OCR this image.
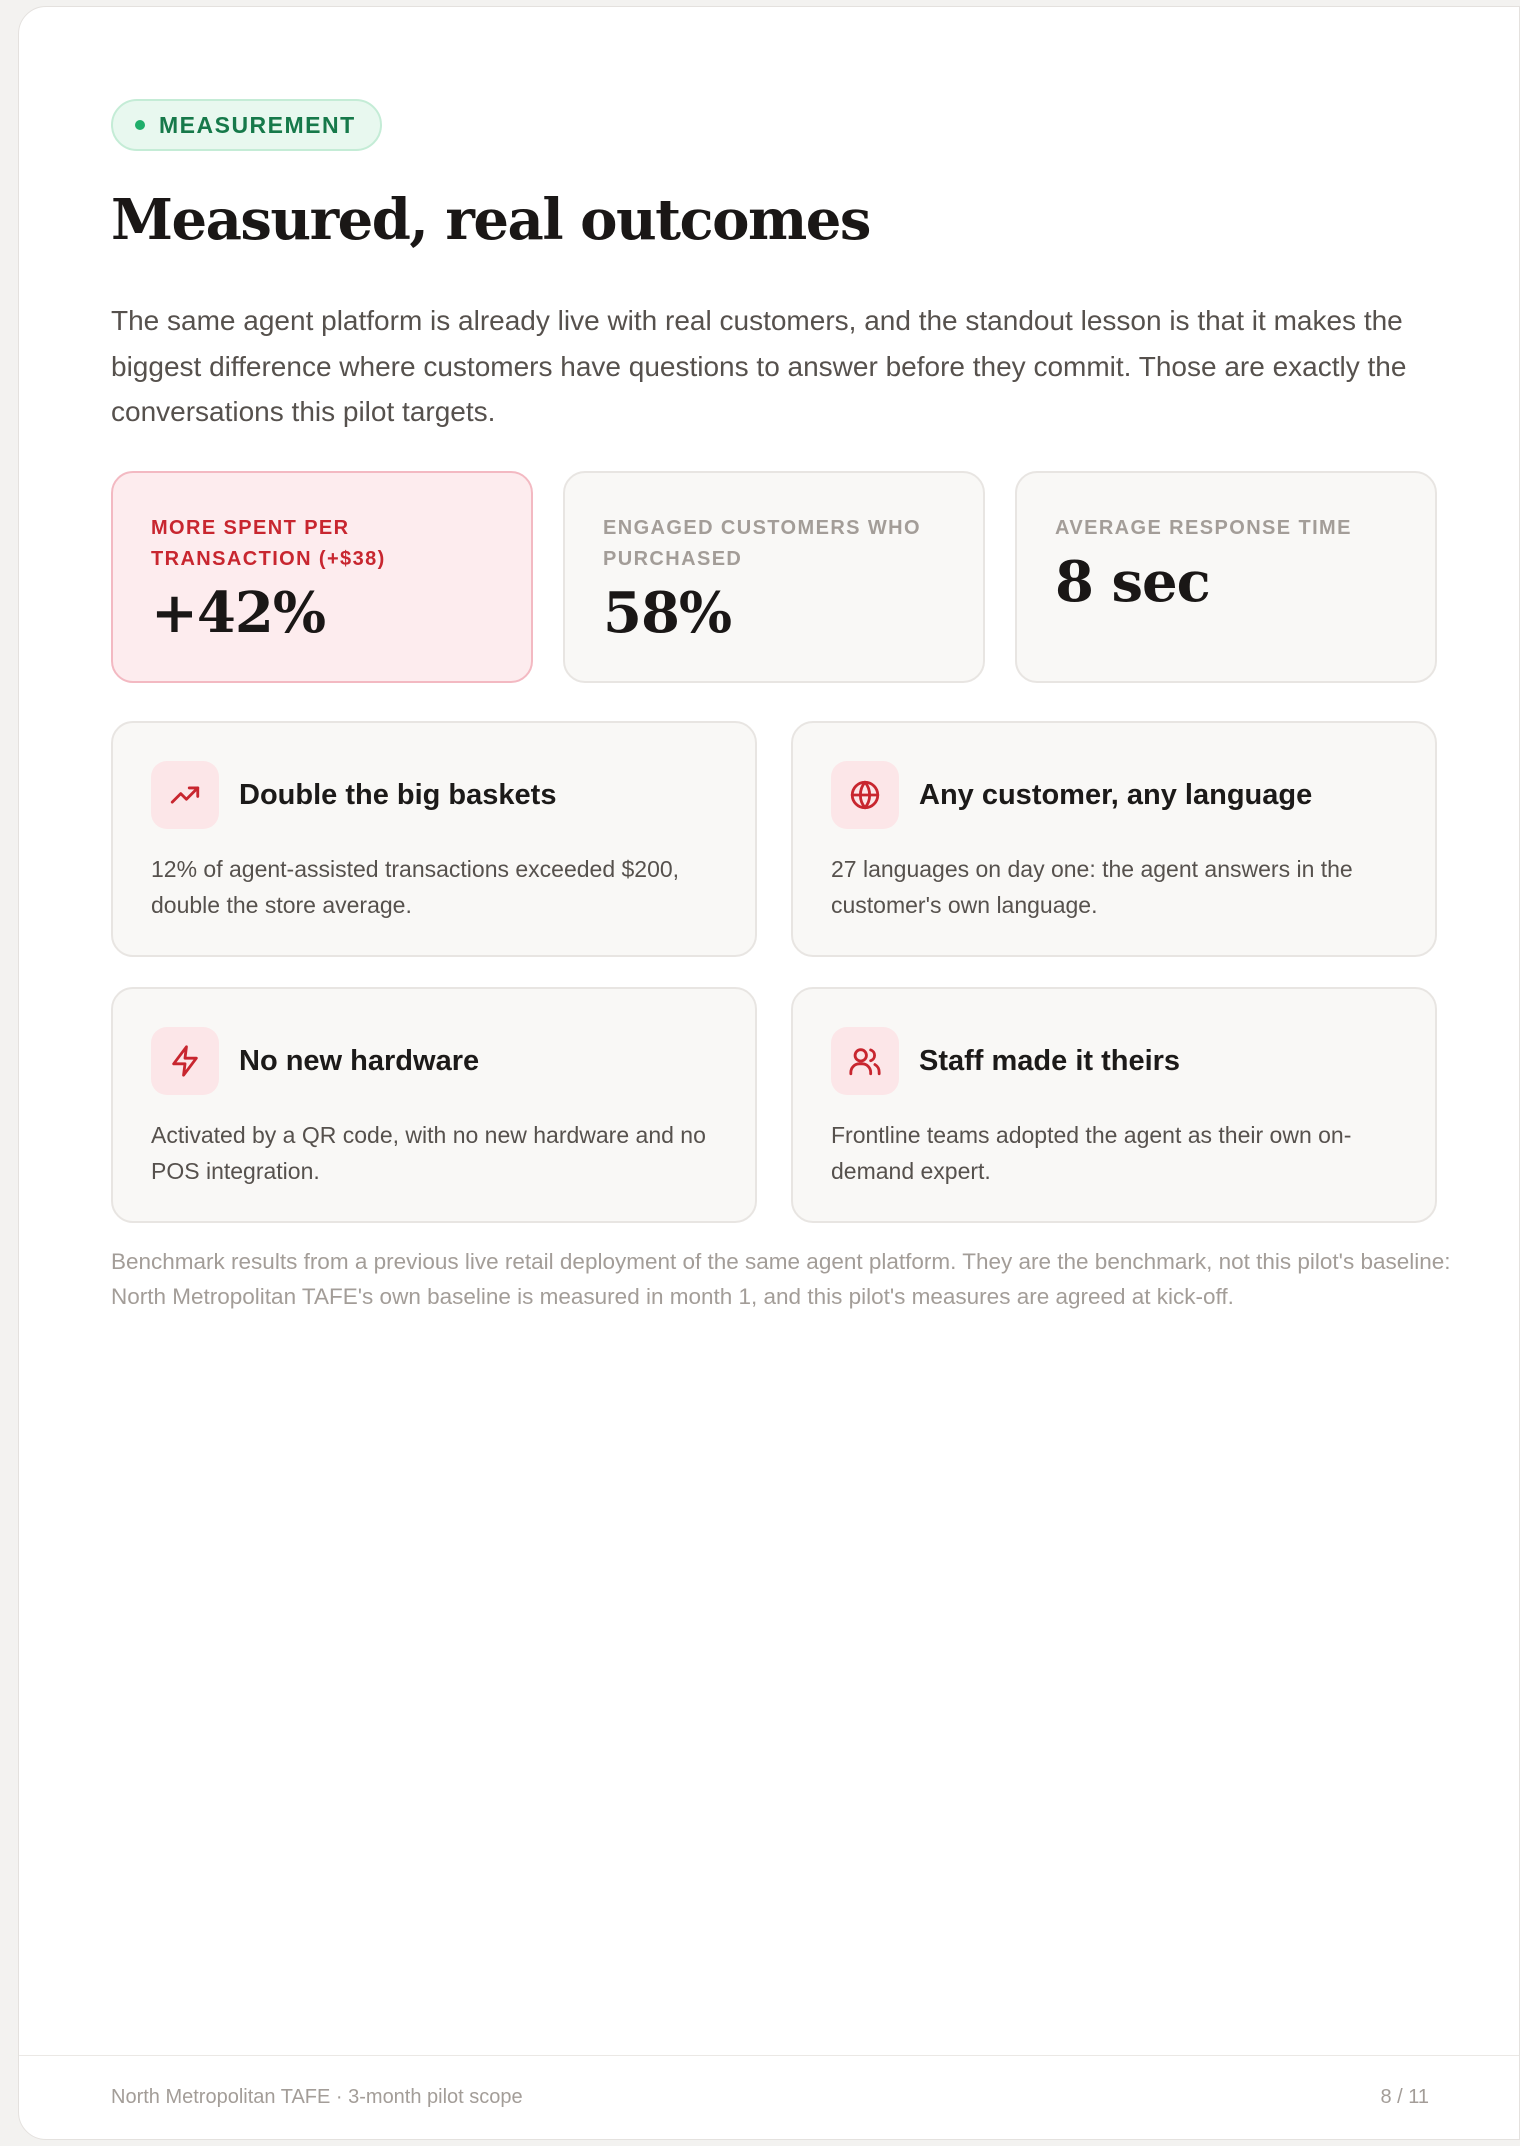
MEASUREMENT
Measured, real outcomes

The same agent platform is already live with real customers, and the standout lesson is that it makes the biggest difference where customers have questions to answer before they commit. Those are exactly the conversations this pilot targets.

MORE SPENT PER TRANSACTION (+$38)
+42%
ENGAGED CUSTOMERS WHO PURCHASED
58%
AVERAGE RESPONSE TIME
8 sec
Double the big baskets
12% of agent-assisted transactions exceeded $200, double the store average.
Any customer, any language
27 languages on day one: the agent answers in the customer's own language.
No new hardware
Activated by a QR code, with no new hardware and no POS integration.
Staff made it theirs
Frontline teams adopted the agent as their own on-demand expert.

Benchmark results from a previous live retail deployment of the same agent platform. They are the benchmark, not this pilot's baseline: North Metropolitan TAFE's own baseline is measured in month 1, and this pilot's measures are agreed at kick-off.

North Metropolitan TAFE · 3-month pilot scope	8 / 11
